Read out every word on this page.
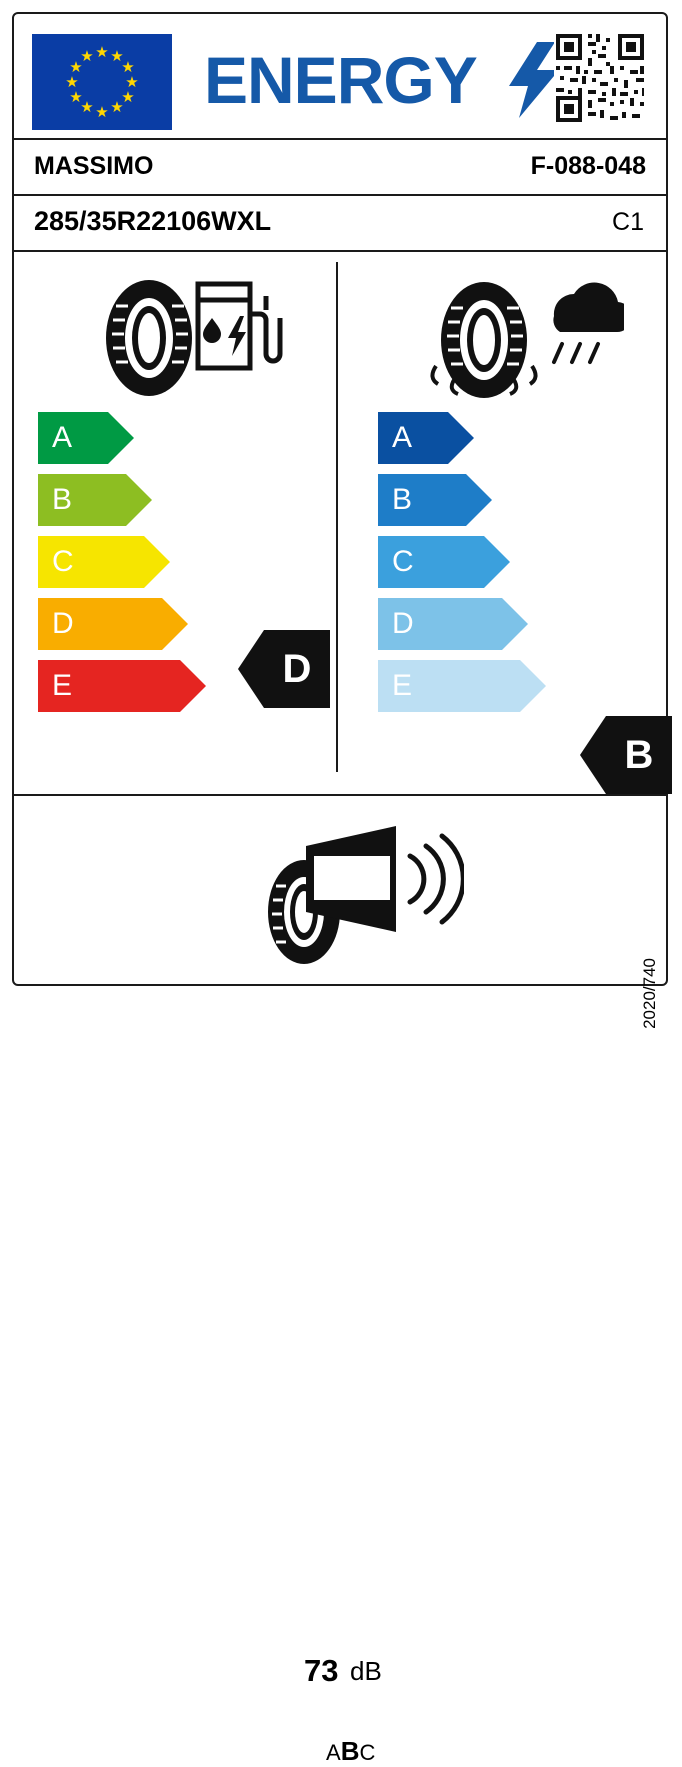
★ ★
★
★
★
★
★
★
★
★
★
★ ENERGY
MASSIMO	F-088-048
285/35R22106WXL	C1
A
B
C
D
E	D
A
B
C
D
E
B
73 dB
ABC
2020/740
